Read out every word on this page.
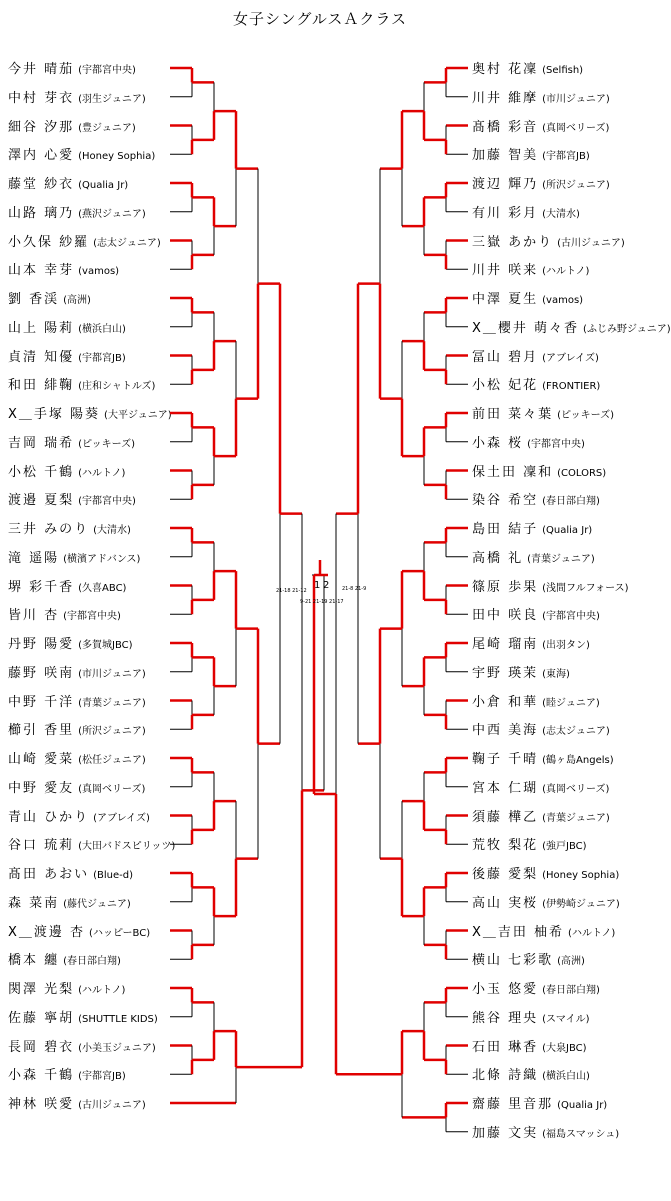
女子シングルスＡクラス
今井 晴茄 (宇都宮中央)
中村 芽衣 (羽生ジュニア)
細谷 汐那 (豊ジュニア)
澤内 心愛 (Honey Sophia)
藤堂 紗衣 (Qualia Jr)
山路 璃乃 (燕沢ジュニア)
小久保 紗羅 (志太ジュニア)
山本 幸芽 (vamos)
劉 香渓 (高洲)
山上 陽莉 (横浜白山)
貞清 知優 (宇都宮JB)
和田 緋鞠 (庄和シャトルズ)
X＿手塚 陽葵 (大平ジュニア)
吉岡 瑞希 (ピッキーズ)
小松 千鶴 (ハルトノ)
渡邉 夏梨 (宇都宮中央)
三井 みのり (大清水)
滝 遥陽 (横濱アドバンス)
堺 彩千香 (久喜ABC)
皆川 杏 (宇都宮中央)
丹野 陽愛 (多賀城JBC)
藤野 咲南 (市川ジュニア)
中野 千洋 (青葉ジュニア)
櫛引 香里 (所沢ジュニア)
山崎 愛菜 (松任ジュニア)
中野 愛友 (真岡ベリーズ)
青山 ひかり (アブレイズ)
谷口 琉莉 (大田バドスピリッツ)
髙田 あおい (Blue-d)
森 菜南 (藤代ジュニア)
X＿渡邊 杏 (ハッピーBC)
橋本 纏 (春日部白翔)
関澤 光梨 (ハルトノ)
佐藤 寧胡 (SHUTTLE KIDS)
長岡 碧衣 (小美玉ジュニア)
小森 千鶴 (宇都宮JB)
神林 咲愛 (古川ジュニア)
奥村 花凜 (Selfish)
川井 維摩 (市川ジュニア)
髙橋 彩音 (真岡ベリーズ)
加藤 智美 (宇都宮JB)
渡辺 輝乃 (所沢ジュニア)
有川 彩月 (大清水)
三嶽 あかり (古川ジュニア)
川井 咲来 (ハルトノ)
中澤 夏生 (vamos)
X＿櫻井 萌々香 (ふじみ野ジュニア)
冨山 碧月 (アブレイズ)
小松 妃花 (FRONTIER)
前田 菜々葉 (ピッキーズ)
小森 桜 (宇都宮中央)
保土田 凜和 (COLORS)
染谷 希空 (春日部白翔)
島田 結子 (Qualia Jr)
高橋 礼 (青葉ジュニア)
篠原 歩果 (浅間フルフォース)
田中 咲良 (宇都宮中央)
尾崎 瑠南 (出羽タン)
宇野 瑛茉 (東海)
小倉 和華 (睦ジュニア)
中西 美海 (志太ジュニア)
鞠子 千晴 (鶴ヶ島Angels)
宮本 仁瑚 (真岡ベリーズ)
須藤 樺乙 (青葉ジュニア)
荒牧 梨花 (強戸JBC)
後藤 愛梨 (Honey Sophia)
高山 実桜 (伊勢崎ジュニア)
X＿吉田 柚希 (ハルトノ)
横山 七彩歌 (高洲)
小玉 悠愛 (春日部白翔)
熊谷 理央 (スマイル)
石田 琳香 (大泉JBC)
北條 詩織 (横浜白山)
齋藤 里音那 (Qualia Jr)
加藤 文実 (福島スマッシュ)
1 2
9-21 21-19 21-17
21-8 21-9
21-18 21-12
